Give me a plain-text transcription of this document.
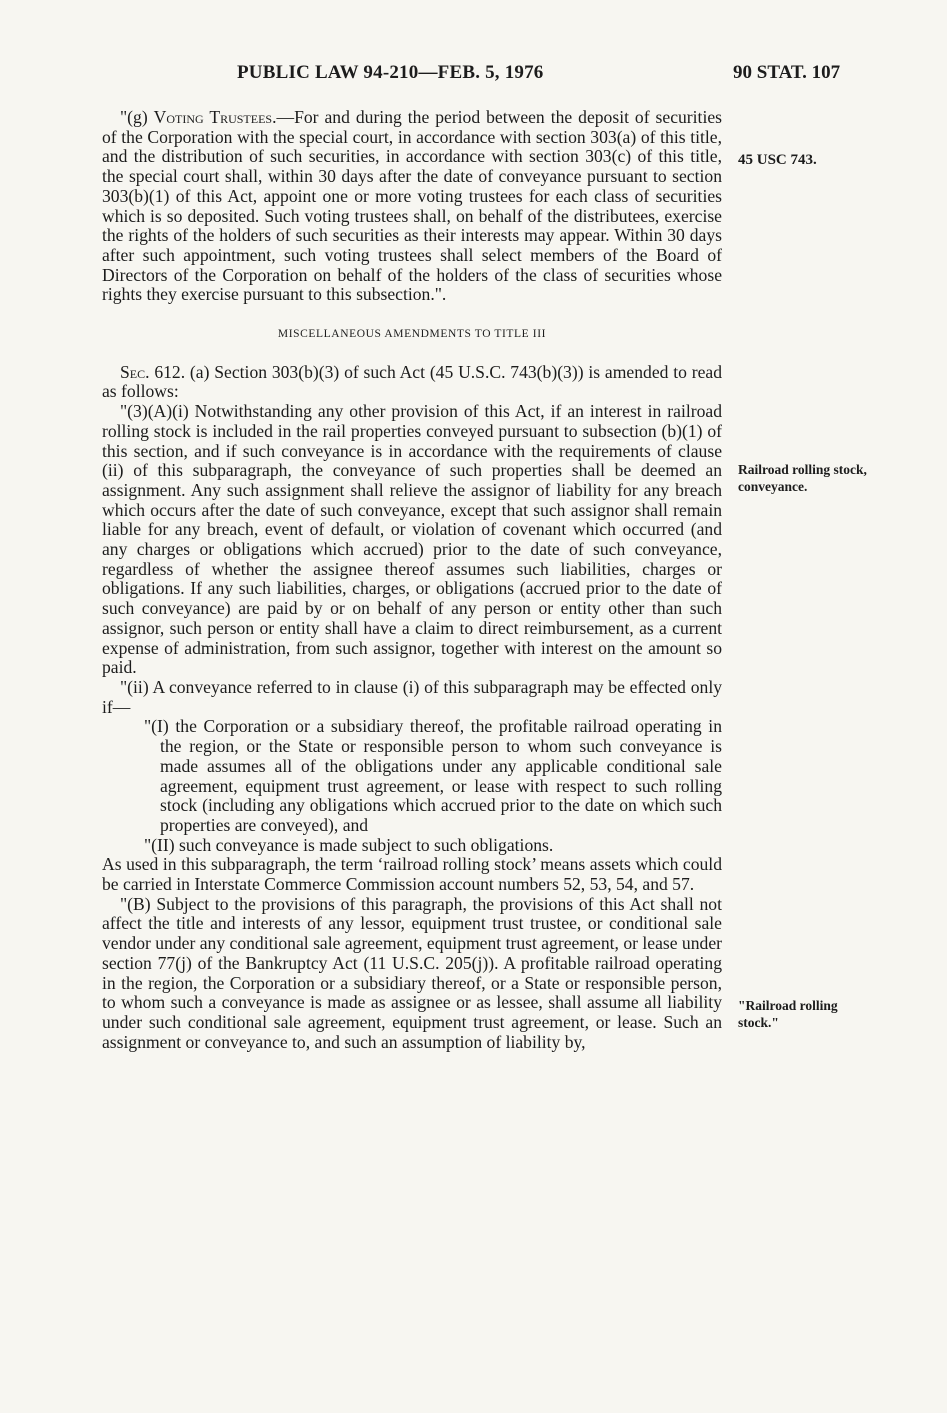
PUBLIC LAW 94-210—FEB. 5, 1976	90 STAT. 107
45 USC 743.
Railroad rolling stock, conveyance.
"Railroad rolling stock."

"(g) Voting Trustees.—For and during the period between the deposit of securities of the Corporation with the special court, in accordance with section 303(a) of this title, and the distribution of such securities, in accordance with section 303(c) of this title, the special court shall, within 30 days after the date of conveyance pursuant to section 303(b)(1) of this Act, appoint one or more voting trustees for each class of securities which is so deposited. Such voting trustees shall, on behalf of the distributees, exercise the rights of the holders of such securities as their interests may appear. Within 30 days after such appointment, such voting trustees shall select members of the Board of Directors of the Corporation on behalf of the holders of the class of securities whose rights they exercise pursuant to this subsection.".

MISCELLANEOUS AMENDMENTS TO TITLE III

Sec. 612. (a) Section 303(b)(3) of such Act (45 U.S.C. 743(b)(3)) is amended to read as follows:

"(3)(A)(i) Notwithstanding any other provision of this Act, if an interest in railroad rolling stock is included in the rail properties conveyed pursuant to subsection (b)(1) of this section, and if such conveyance is in accordance with the requirements of clause (ii) of this subparagraph, the conveyance of such properties shall be deemed an assignment. Any such assignment shall relieve the assignor of liability for any breach which occurs after the date of such conveyance, except that such assignor shall remain liable for any breach, event of default, or violation of covenant which occurred (and any charges or obligations which accrued) prior to the date of such conveyance, regardless of whether the assignee thereof assumes such liabilities, charges or obligations. If any such liabilities, charges, or obligations (accrued prior to the date of such conveyance) are paid by or on behalf of any person or entity other than such assignor, such person or entity shall have a claim to direct reimbursement, as a current expense of administration, from such assignor, together with interest on the amount so paid.

"(ii) A conveyance referred to in clause (i) of this subparagraph may be effected only if—

"(I) the Corporation or a subsidiary thereof, the profitable railroad operating in the region, or the State or responsible person to whom such conveyance is made assumes all of the obligations under any applicable conditional sale agreement, equipment trust agreement, or lease with respect to such rolling stock (including any obligations which accrued prior to the date on which such properties are conveyed), and

"(II) such conveyance is made subject to such obligations.

As used in this subparagraph, the term ‘railroad rolling stock’ means assets which could be carried in Interstate Commerce Commission account numbers 52, 53, 54, and 57.

"(B) Subject to the provisions of this paragraph, the provisions of this Act shall not affect the title and interests of any lessor, equipment trust trustee, or conditional sale vendor under any conditional sale agreement, equipment trust agreement, or lease under section 77(j) of the Bankruptcy Act (11 U.S.C. 205(j)). A profitable railroad operating in the region, the Corporation or a subsidiary thereof, or a State or responsible person, to whom such a conveyance is made as assignee or as lessee, shall assume all liability under such conditional sale agreement, equipment trust agreement, or lease. Such an assignment or conveyance to, and such an assumption of liability by,
